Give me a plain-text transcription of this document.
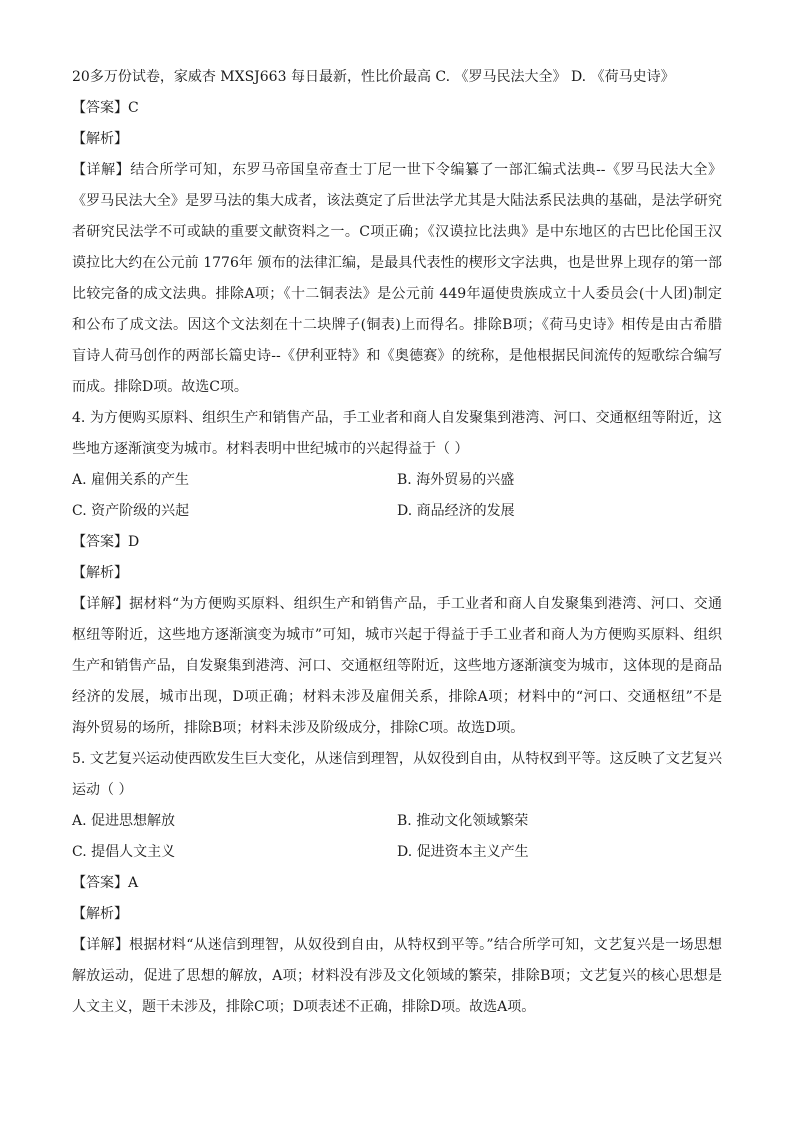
20多万份试卷，家威杏 MXSJ663 每日最新，性比价最高 C. 《罗马民法大全》 D. 《荷马史诗》
【答案】C
【解析】
【详解】结合所学可知，东罗马帝国皇帝查士丁尼一世下令编纂了一部汇编式法典--《罗马民法大全》
《罗马民法大全》是罗马法的集大成者，该法奠定了后世法学尤其是大陆法系民法典的基础，是法学研究
者研究民法学不可或缺的重要文献资料之一。C项正确；《汉谟拉比法典》是中东地区的古巴比伦国王汉
谟拉比大约在公元前 1776年 颁布的法律汇编，是最具代表性的楔形文字法典，也是世界上现存的第一部
比较完备的成文法典。排除A项；《十二铜表法》是公元前 449年逼使贵族成立十人委员会(十人团)制定
和公布了成文法。因这个文法刻在十二块牌子(铜表)上而得名。排除B项；《荷马史诗》相传是由古希腊
盲诗人荷马创作的两部长篇史诗--《伊利亚特》和《奥德赛》的统称，是他根据民间流传的短歌综合编写
而成。排除D项。故选C项。
4. 为方便购买原料、组织生产和销售产品，手工业者和商人自发聚集到港湾、河口、交通枢纽等附近，这
些地方逐渐演变为城市。材料表明中世纪城市的兴起得益于（ ）
A. 雇佣关系的产生	B. 海外贸易的兴盛
C. 资产阶级的兴起	D. 商品经济的发展
【答案】D
【解析】
【详解】据材料“为方便购买原料、组织生产和销售产品，手工业者和商人自发聚集到港湾、河口、交通
枢纽等附近，这些地方逐渐演变为城市”可知，城市兴起于得益于手工业者和商人为方便购买原料、组织
生产和销售产品，自发聚集到港湾、河口、交通枢纽等附近，这些地方逐渐演变为城市，这体现的是商品
经济的发展，城市出现，D项正确；材料未涉及雇佣关系，排除A项；材料中的“河口、交通枢纽”不是
海外贸易的场所，排除B项；材料未涉及阶级成分，排除C项。故选D项。
5. 文艺复兴运动使西欧发生巨大变化，从迷信到理智，从奴役到自由，从特权到平等。这反映了文艺复兴
运动（ ）
A. 促进思想解放	B. 推动文化领域繁荣
C. 提倡人文主义	D. 促进资本主义产生
【答案】A
【解析】
【详解】根据材料“从迷信到理智，从奴役到自由，从特权到平等。”结合所学可知，文艺复兴是一场思想
解放运动，促进了思想的解放，A项；材料没有涉及文化领域的繁荣，排除B项；文艺复兴的核心思想是
人文主义，题干未涉及，排除C项；D项表述不正确，排除D项。故选A项。
